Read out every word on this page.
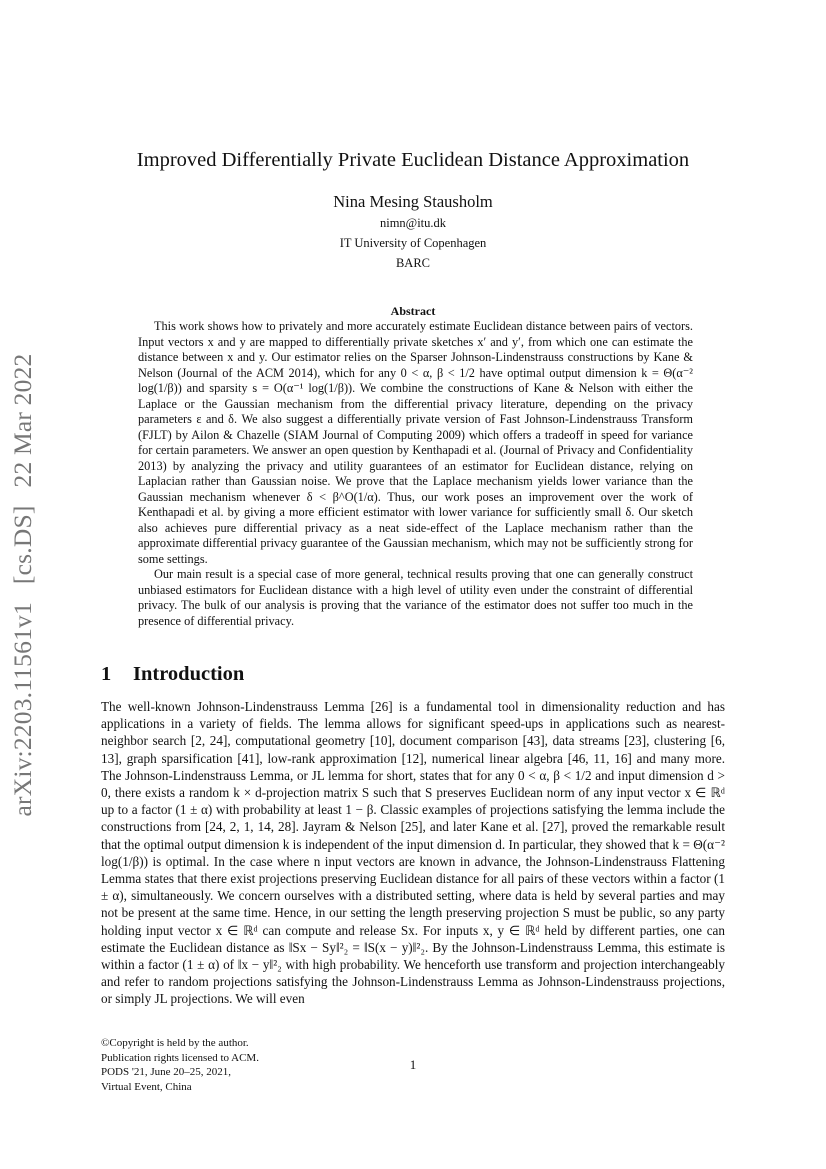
arXiv:2203.11561v1[cs.DS]22 Mar 2022
Improved Differentially Private Euclidean Distance Approximation
Nina Mesing Stausholm
nimn@itu.dk
IT University of Copenhagen
BARC
Abstract

This work shows how to privately and more accurately estimate Euclidean distance between pairs of vectors. Input vectors x and y are mapped to differentially private sketches x′ and y′, from which one can estimate the distance between x and y. Our estimator relies on the Sparser Johnson-Lindenstrauss constructions by Kane & Nelson (Journal of the ACM 2014), which for any 0 < α, β < 1/2 have optimal output dimension k = Θ(α⁻² log(1/β)) and sparsity s = O(α⁻¹ log(1/β)). We combine the constructions of Kane & Nelson with either the Laplace or the Gaussian mechanism from the differential privacy literature, depending on the privacy parameters ε and δ. We also suggest a differentially private version of Fast Johnson-Lindenstrauss Transform (FJLT) by Ailon & Chazelle (SIAM Journal of Computing 2009) which offers a tradeoff in speed for variance for certain parameters. We answer an open question by Kenthapadi et al. (Journal of Privacy and Confidentiality 2013) by analyzing the privacy and utility guarantees of an estimator for Euclidean distance, relying on Laplacian rather than Gaussian noise. We prove that the Laplace mechanism yields lower variance than the Gaussian mechanism whenever δ < β^O(1/α). Thus, our work poses an improvement over the work of Kenthapadi et al. by giving a more efficient estimator with lower variance for sufficiently small δ. Our sketch also achieves pure differential privacy as a neat side-effect of the Laplace mechanism rather than the approximate differential privacy guarantee of the Gaussian mechanism, which may not be sufficiently strong for some settings.

Our main result is a special case of more general, technical results proving that one can generally construct unbiased estimators for Euclidean distance with a high level of utility even under the constraint of differential privacy. The bulk of our analysis is proving that the variance of the estimator does not suffer too much in the presence of differential privacy.

1 Introduction

The well-known Johnson-Lindenstrauss Lemma [26] is a fundamental tool in dimensionality reduction and has applications in a variety of fields. The lemma allows for significant speed-ups in applications such as nearest-neighbor search [2, 24], computational geometry [10], document comparison [43], data streams [23], clustering [6, 13], graph sparsification [41], low-rank approximation [12], numerical linear algebra [46, 11, 16] and many more. The Johnson-Lindenstrauss Lemma, or JL lemma for short, states that for any 0 < α, β < 1/2 and input dimension d > 0, there exists a random k × d-projection matrix S such that S preserves Euclidean norm of any input vector x ∈ ℝᵈ up to a factor (1 ± α) with probability at least 1 − β. Classic examples of projections satisfying the lemma include the constructions from [24, 2, 1, 14, 28]. Jayram & Nelson [25], and later Kane et al. [27], proved the remarkable result that the optimal output dimension k is independent of the input dimension d. In particular, they showed that k = Θ(α⁻² log(1/β)) is optimal. In the case where n input vectors are known in advance, the Johnson-Lindenstrauss Flattening Lemma states that there exist projections preserving Euclidean distance for all pairs of these vectors within a factor (1 ± α), simultaneously. We concern ourselves with a distributed setting, where data is held by several parties and may not be present at the same time. Hence, in our setting the length preserving projection S must be public, so any party holding input vector x ∈ ℝᵈ can compute and release Sx. For inputs x, y ∈ ℝᵈ held by different parties, one can estimate the Euclidean distance as ‖Sx − Sy‖²₂ = ‖S(x − y)‖²₂. By the Johnson-Lindenstrauss Lemma, this estimate is within a factor (1 ± α) of ‖x − y‖²₂ with high probability. We henceforth use transform and projection interchangeably and refer to random projections satisfying the Johnson-Lindenstrauss Lemma as Johnson-Lindenstrauss projections, or simply JL projections. We will even

©Copyright is held by the author.
Publication rights licensed to ACM.
PODS '21, June 20–25, 2021,
Virtual Event, China
1
